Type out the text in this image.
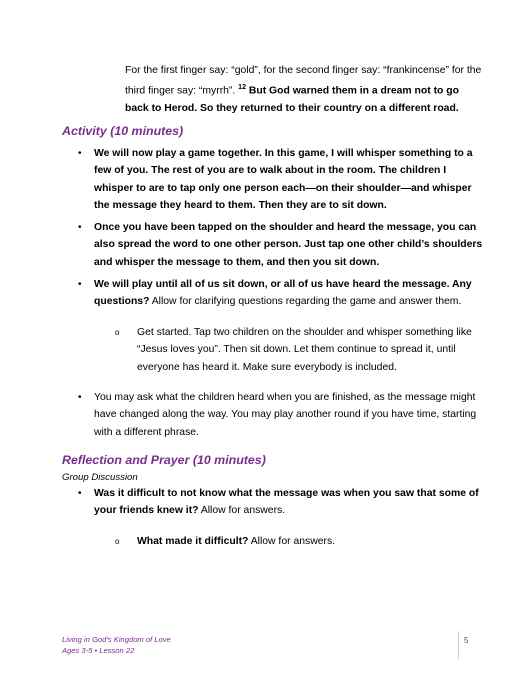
For the first finger say: “gold”, for the second finger say: “frankincense” for the third finger say: “myrrh”. $^{12}$ But God warned them in a dream not to go back to Herod. So they returned to their country on a different road.
Activity (10 minutes)
•	We will now play a game together. In this game, I will whisper something to a few of you. The rest of you are to walk about in the room. The children I whisper to are to tap only one person each—on their shoulder—and whisper the message they heard to them. Then they are to sit down.
•	Once you have been tapped on the shoulder and heard the message, you can also spread the word to one other person. Just tap one other child’s shoulders and whisper the message to them, and then you sit down.
•	We will play until all of us sit down, or all of us have heard the message. Any questions? Allow for clarifying questions regarding the game and answer them.
o	Get started. Tap two children on the shoulder and whisper something like “Jesus loves you”. Then sit down. Let them continue to spread it, until everyone has heard it. Make sure everybody is included.
•	You may ask what the children heard when you are finished, as the message might have changed along the way. You may play another round if you have time, starting with a different phrase.
Reflection and Prayer (10 minutes)
Group Discussion
•	Was it difficult to not know what the message was when you saw that some of your friends knew it? Allow for answers.
o	What made it difficult? Allow for answers.
Living in God’s Kingdom of Love
Ages 3-5 • Lesson 22
5
